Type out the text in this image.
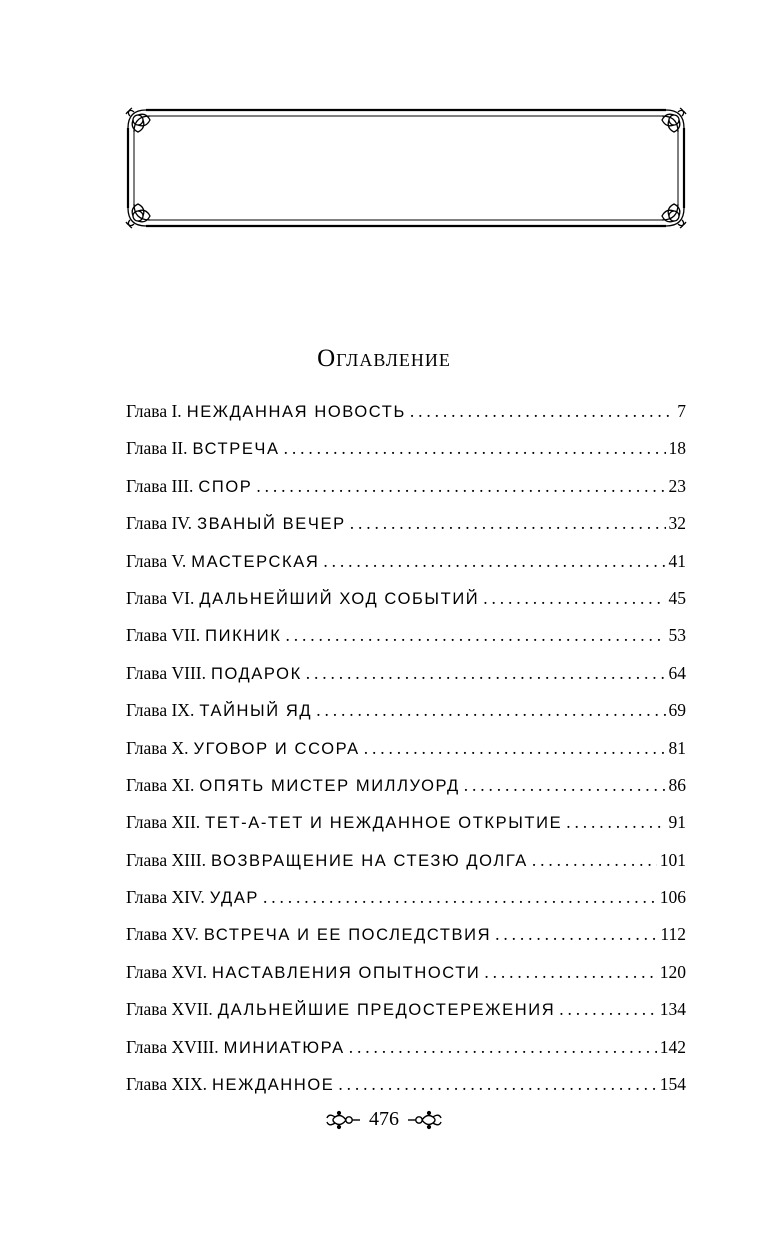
Оглавление
Глава I. НЕЖДАННАЯ НОВОСТЬ . . .	7
Глава II. ВСТРЕЧА . . .	18
Глава III. СПОР . . .	23
Глава IV. ЗВАНЫЙ ВЕЧЕР . . .	32
Глава V. МАСТЕРСКАЯ . . .	41
Глава VI. ДАЛЬНЕЙШИЙ ХОД СОБЫТИЙ . . .	45
Глава VII. ПИКНИК . . .	53
Глава VIII. ПОДАРОК . . .	64
Глава IX. ТАЙНЫЙ ЯД . . .	69
Глава X. УГОВОР И ССОРА . . .	81
Глава XI. ОПЯТЬ МИСТЕР МИЛЛУОРД . . .	86
Глава XII. ТЕТ-А-ТЕТ И НЕЖДАННОЕ ОТКРЫТИЕ . . .	91
Глава XIII. ВОЗВРАЩЕНИЕ НА СТЕЗЮ ДОЛГА . . .	101
Глава XIV. УДАР . . .	106
Глава XV. ВСТРЕЧА И ЕЕ ПОСЛЕДСТВИЯ . . .	112
Глава XVI. НАСТАВЛЕНИЯ ОПЫТНОСТИ . . .	120
Глава XVII. ДАЛЬНЕЙШИЕ ПРЕДОСТЕРЕЖЕНИЯ . . .	134
Глава XVIII. МИНИАТЮРА . . .	142
Глава XIX. НЕЖДАННОЕ . . .	154
476
